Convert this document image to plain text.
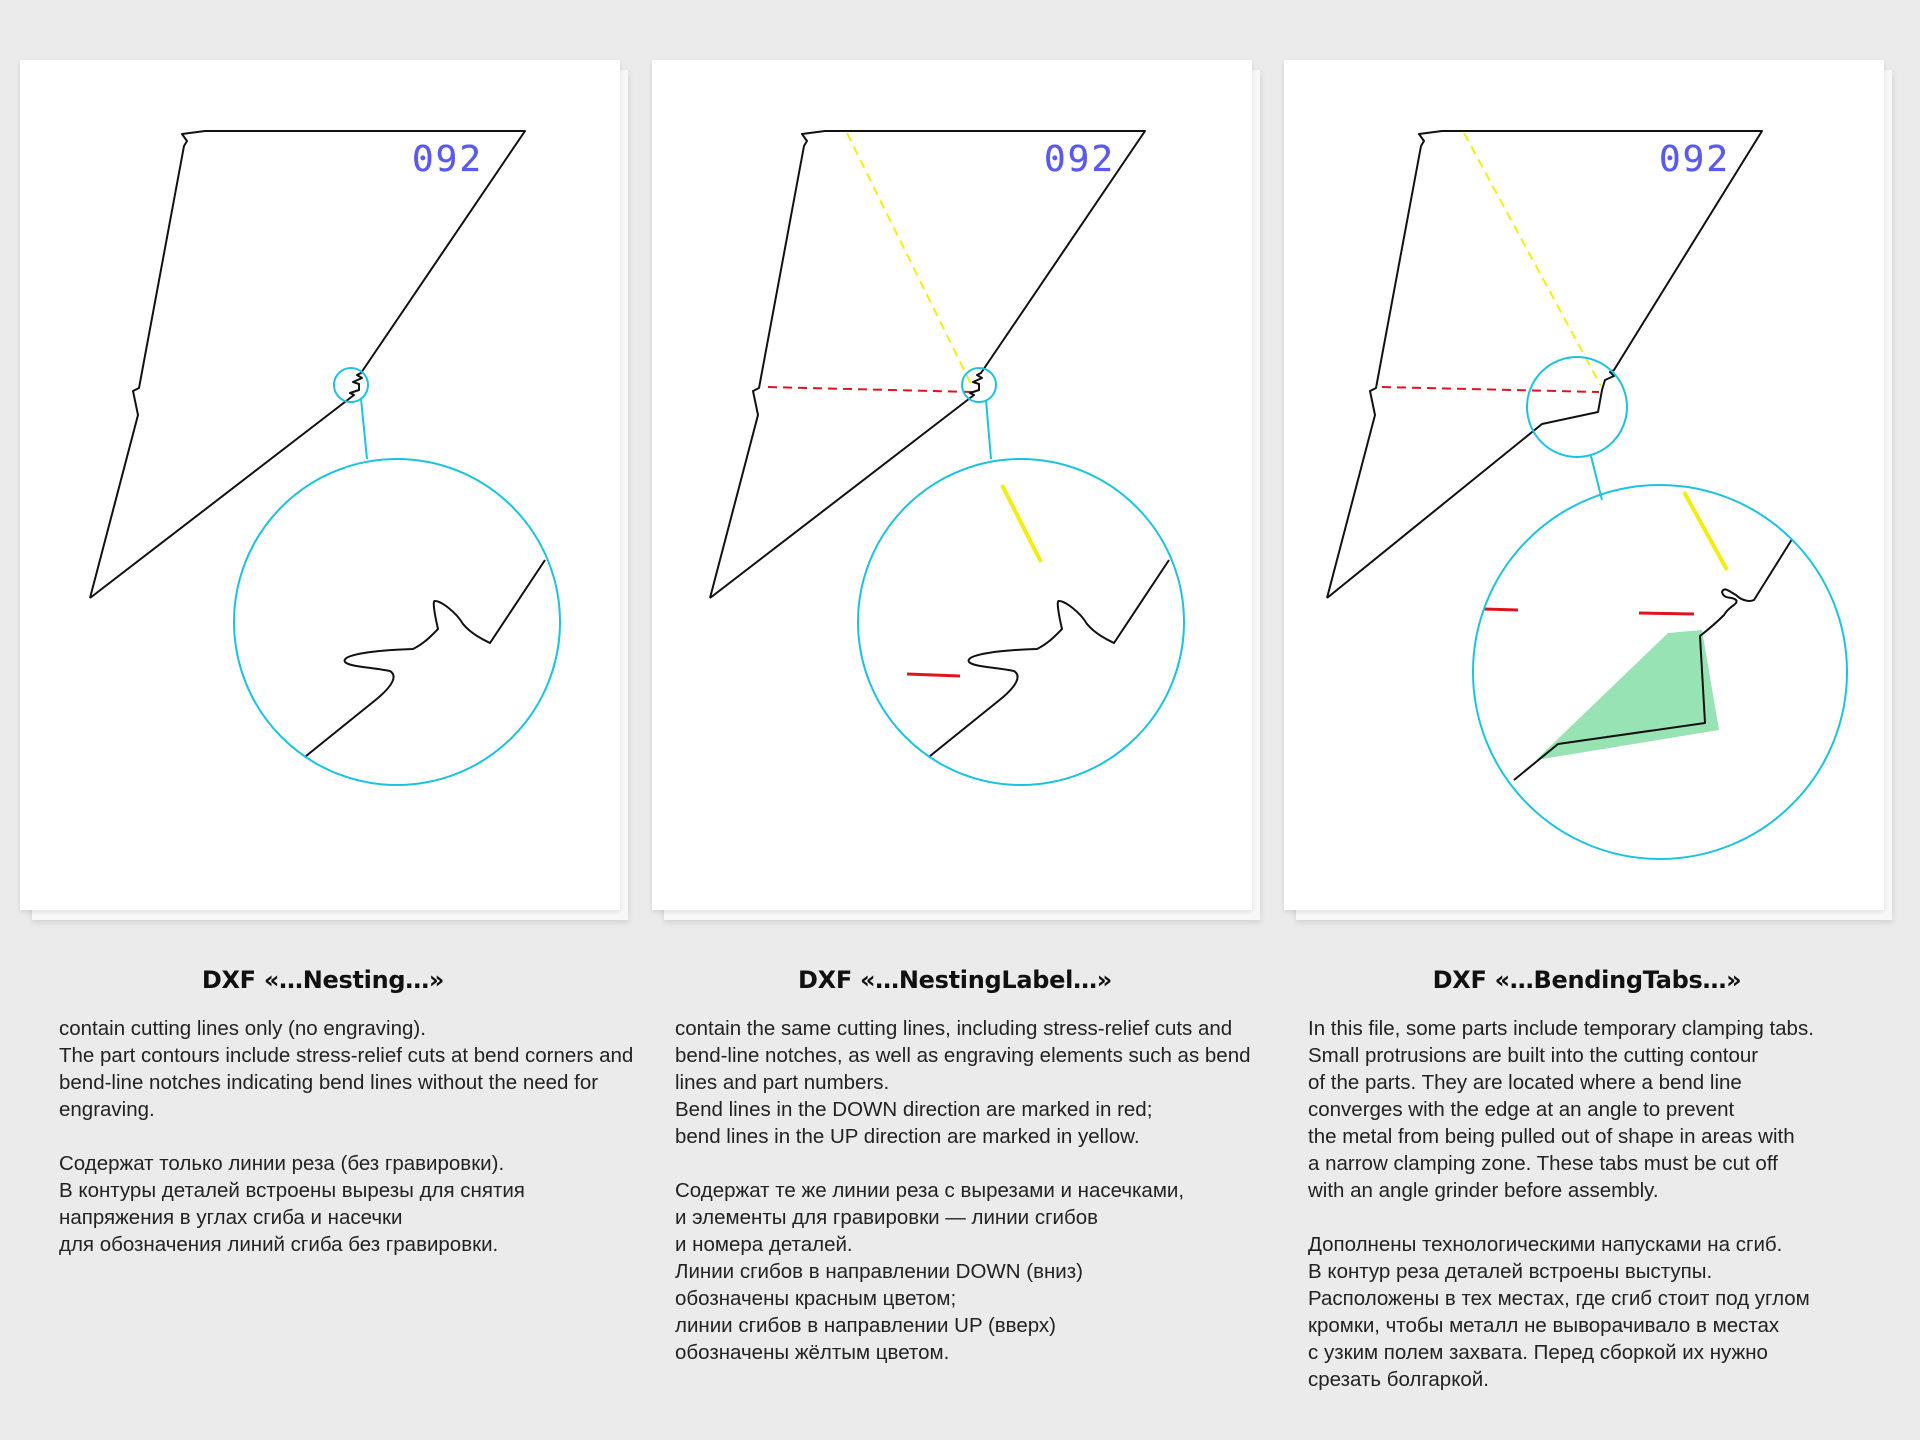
092
DXF «…Nesting…»

contain cutting lines only (no engraving).
The part contours include stress-relief cuts at bend corners and bend-line notches indicating bend lines without the need for engraving.

Содержат только линии реза (без гравировки).
В контуры деталей встроены вырезы для снятия напряжения в углах сгиба и насечки
для обозначения линий сгиба без гравировки.

092
DXF «…NestingLabel…»

contain the same cutting lines, including stress-relief cuts and bend-line notches, as well as engraving elements such as bend lines and part numbers.
Bend lines in the DOWN direction are marked in red;
bend lines in the UP direction are marked in yellow.

Содержат те же линии реза с вырезами и насечками,
и элементы для гравировки — линии сгибов
и номера деталей.
Линии сгибов в направлении DOWN (вниз)
обозначены красным цветом;
линии сгибов в направлении UP (вверх)
обозначены жёлтым цветом.

092
DXF «…BendingTabs…»

In this file, some parts include temporary clamping tabs.
Small protrusions are built into the cutting contour
of the parts. They are located where a bend line
converges with the edge at an angle to prevent
the metal from being pulled out of shape in areas with
a narrow clamping zone. These tabs must be cut off
with an angle grinder before assembly.

Дополнены технологическими напусками на сгиб.
В контур реза деталей встроены выступы.
Расположены в тех местах, где сгиб стоит под углом
кромки, чтобы металл не выворачивало в местах
с узким полем захвата. Перед сборкой их нужно
срезать болгаркой.
